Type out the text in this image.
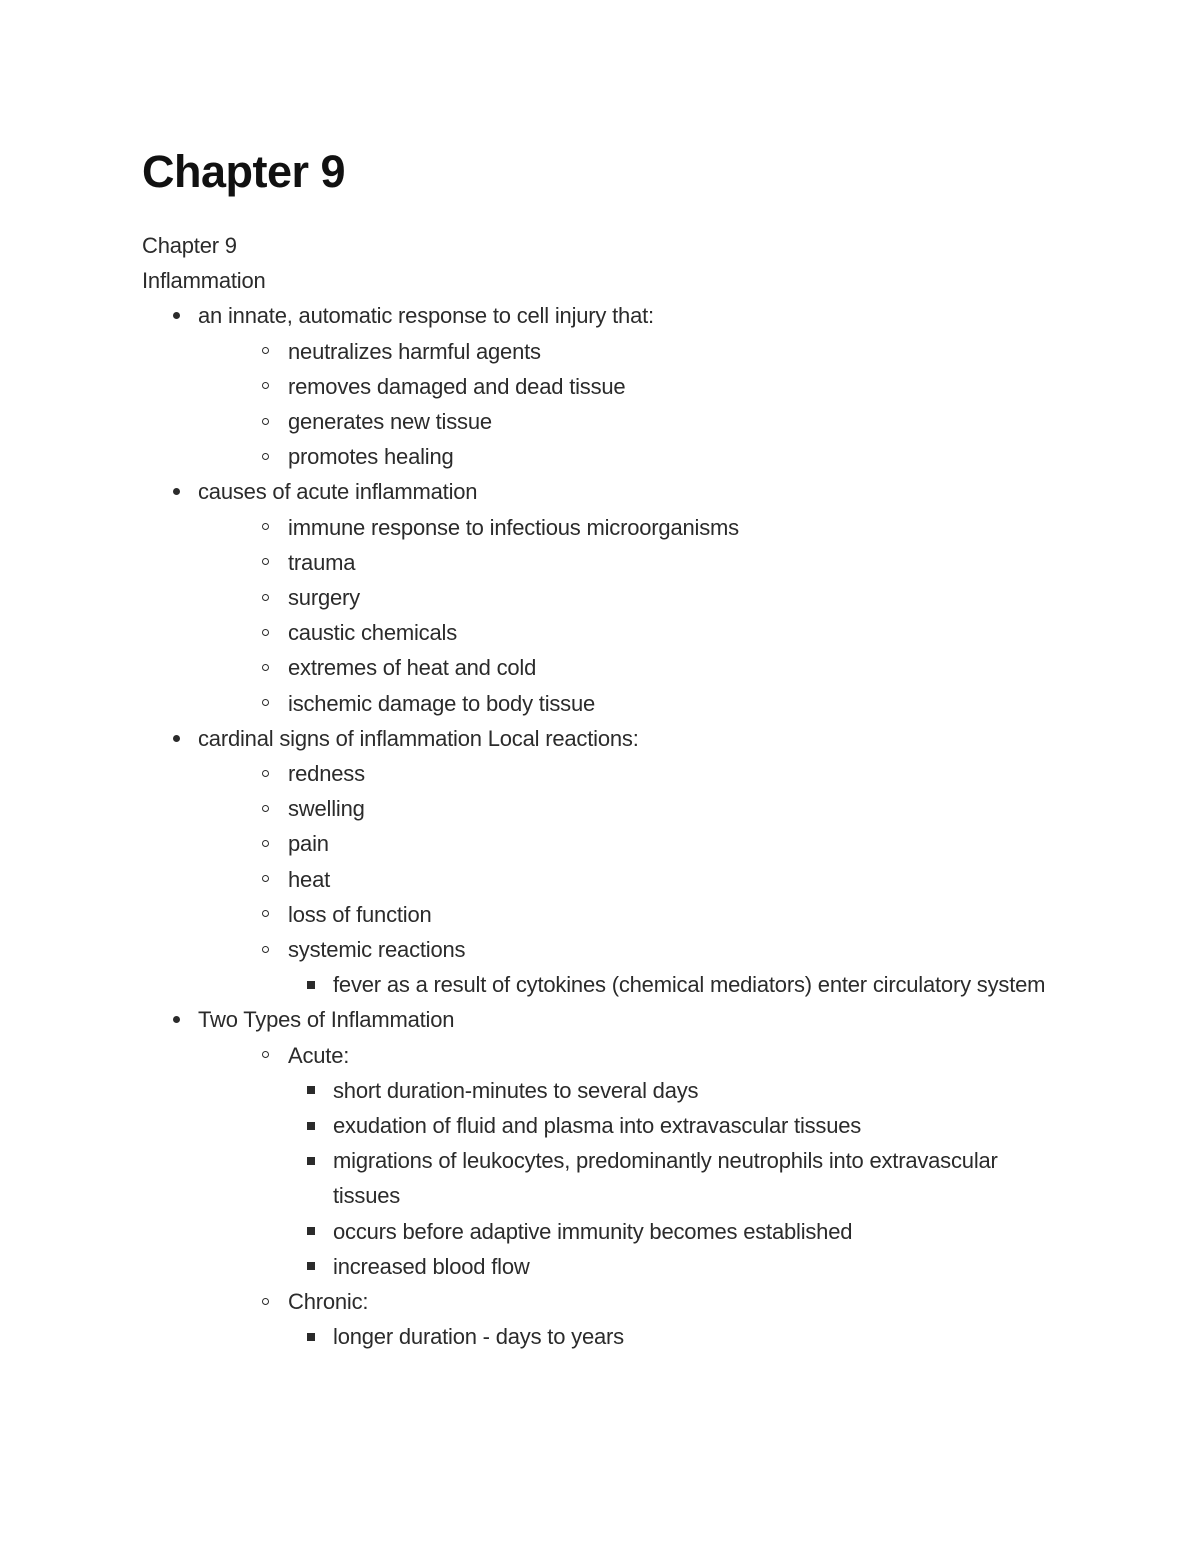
Chapter 9

Chapter 9

Inflammation

an innate, automatic response to cell injury that:
neutralizes harmful agents
removes damaged and dead tissue
generates new tissue
promotes healing
causes of acute inflammation
immune response to infectious microorganisms
trauma
surgery
caustic chemicals
extremes of heat and cold
ischemic damage to body tissue
cardinal signs of inflammation Local reactions:
redness
swelling
pain
heat
loss of function
systemic reactions
fever as a result of cytokines (chemical mediators) enter circulatory system
Two Types of Inflammation
Acute:
short duration-minutes to several days
exudation of fluid and plasma into extravascular tissues
migrations of leukocytes, predominantly neutrophils into extravascular tissues
occurs before adaptive immunity becomes established
increased blood flow
Chronic:
longer duration - days to years
